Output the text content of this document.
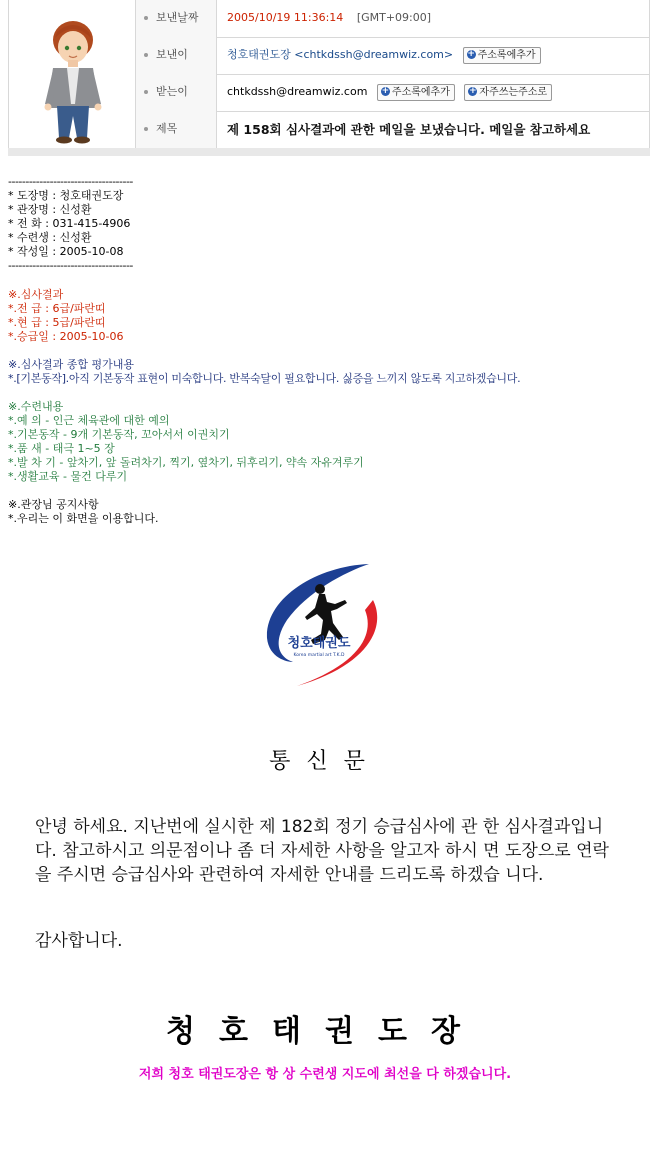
보낸날짜	2005/10/19 11:36:14 [GMT+09:00]
보낸이	청호태권도장 <chtkdssh@dreamwiz.com> + 주소록에추가
받는이	chtkdssh@dreamwiz.com + 주소록에추가 + 자주쓰는주소로
제목	제 158회 심사결과에 관한 메일을 보냈습니다. 메일을 참고하세요
------------------------------------
* 도장명 : 청호태권도장
* 관장명 : 신성환
* 전 화 : 031-415-4906
* 수련생 : 신성환
* 작성일 : 2005-10-08
------------------------------------
※.심사결과
*.전 급 : 6급/파란띠
*.현 급 : 5급/파란띠
*.승급일 : 2005-10-06
※.심사결과 종합 평가내용
*.[기본동작].아직 기본동작 표현이 미숙합니다. 반복숙달이 필요합니다. 싫증을 느끼지 않도록 지고하겠습니다.
※.수련내용
*.예 의 - 인근 체육관에 대한 예의
*.기본동작 - 9개 기본동작, 꼬아서서 이권치기
*.품 새 - 태극 1~5 장
*.발 차 기 - 앞차기, 앞 돌려차기, 찍기, 옆차기, 뒤후리기, 약속 자유겨루기
*.생활교육 - 물건 다루기
※.관장님 공지사항
*.우리는 이 화면을 이용합니다.
청호태권도
Korea martial art T.K.D
통신문
안녕 하세요. 지난번에 실시한 제 182회 정기 승급심사에 관 한 심사결과입니다. 참고하시고 의문점이나 좀 더 자세한 사항을 알고자 하시 면 도장으로 연락을 주시면 승급심사와 관련하여 자세한 안내를 드리도록 하겠습 니다.
감사합니다.
청호태권도장
저희 청호 태권도장은 항 상 수련생 지도에 최선을 다 하겠습니다.
